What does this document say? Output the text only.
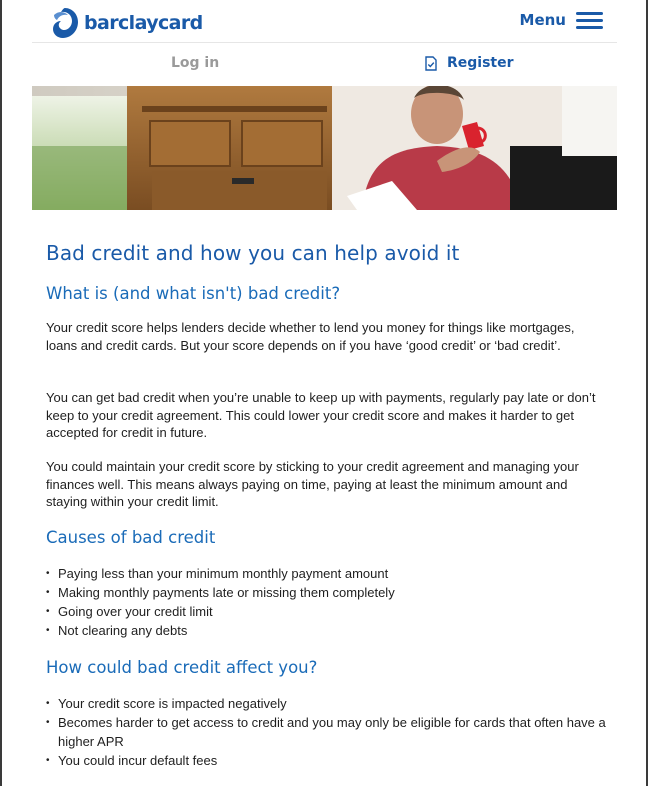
barclaycard	Menu
Log in	Register
Bad credit and how you can help avoid it
What is (and what isn't) bad credit?

Your credit score helps lenders decide whether to lend you money for things like mortgages, loans and credit cards. But your score depends on if you have ‘good credit’ or ‘bad credit’.

You can get bad credit when you’re unable to keep up with payments, regularly pay late or don’t keep to your credit agreement. This could lower your credit score and makes it harder to get accepted for credit in future.

You could maintain your credit score by sticking to your credit agreement and managing your finances well. This means always paying on time, paying at least the minimum amount and staying within your credit limit.

Causes of bad credit
• Paying less than your minimum monthly payment amount
• Making monthly payments late or missing them completely
• Going over your credit limit
• Not clearing any debts
How could bad credit affect you?
• Your credit score is impacted negatively
• Becomes harder to get access to credit and you may only be eligible for cards that often have a higher APR
• You could incur default fees
